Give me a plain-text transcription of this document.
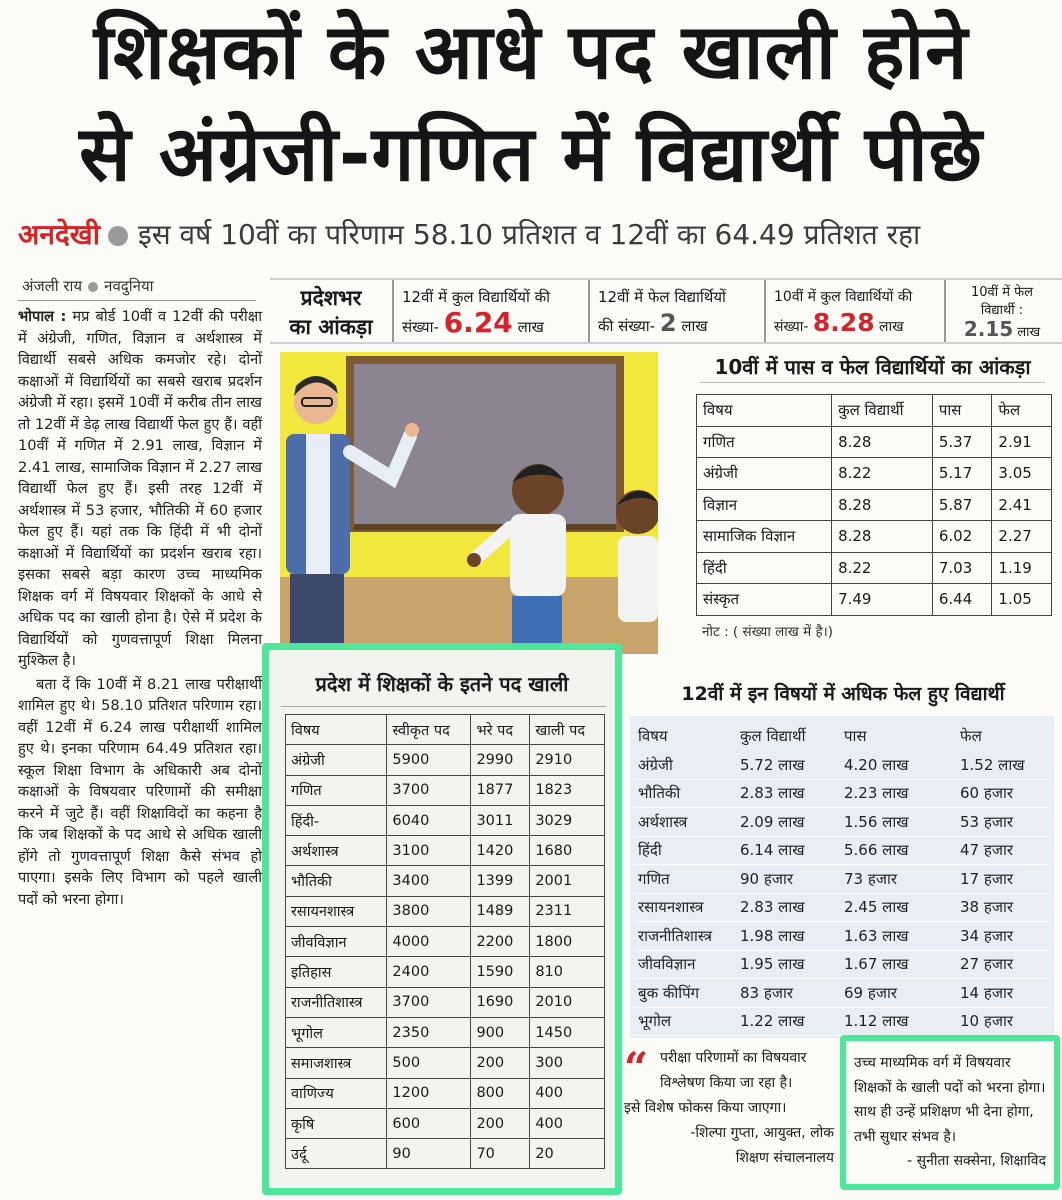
शिक्षकों के आधे पद खाली होने
से अंग्रेजी-गणित में विद्यार्थी पीछे
अनदेखी इस वर्ष 10वीं का परिणाम 58.10 प्रतिशत व 12वीं का 64.49 प्रतिशत रहा
अंजली राय नवदुनिया

भोपाल : मप्र बोर्ड 10वीं व 12वीं की परीक्षा में अंग्रेजी, गणित, विज्ञान व अर्थशास्त्र में विद्यार्थी सबसे अधिक कमजोर रहे। दोनों कक्षाओं में विद्यार्थियों का सबसे खराब प्रदर्शन अंग्रेजी में रहा। इसमें 10वीं में करीब तीन लाख तो 12वीं में डेढ़ लाख विद्यार्थी फेल हुए हैं। वहीं 10वीं में गणित में 2.91 लाख, विज्ञान में 2.41 लाख, सामाजिक विज्ञान में 2.27 लाख विद्यार्थी फेल हुए हैं। इसी तरह 12वीं में अर्थशास्त्र में 53 हजार, भौतिकी में 60 हजार फेल हुए हैं। यहां तक कि हिंदी में भी दोनों कक्षाओं में विद्यार्थियों का प्रदर्शन खराब रहा। इसका सबसे बड़ा कारण उच्च माध्यमिक शिक्षक वर्ग में विषयवार शिक्षकों के आधे से अधिक पद का खाली होना है। ऐसे में प्रदेश के विद्यार्थियों को गुणवत्तापूर्ण शिक्षा मिलना मुश्किल है।

बता दें कि 10वीं में 8.21 लाख परीक्षार्थी शामिल हुए थे। 58.10 प्रतिशत परिणाम रहा। वहीं 12वीं में 6.24 लाख परीक्षार्थी शामिल हुए थे। इनका परिणाम 64.49 प्रतिशत रहा। स्कूल शिक्षा विभाग के अधिकारी अब दोनों कक्षाओं के विषयवार परिणामों की समीक्षा करने में जुटे हैं। वहीं शिक्षाविदों का कहना है कि जब शिक्षकों के पद आधे से अधिक खाली होंगे तो गुणवत्तापूर्ण शिक्षा कैसे संभव हो पाएगा। इसके लिए विभाग को पहले खाली पदों को भरना होगा।

प्रदेशभर
का आंकड़ा
12वीं में कुल विद्यार्थियों की
संख्या- 6.24 लाख
12वीं में फेल विद्यार्थियों
की संख्या- 2 लाख
10वीं में कुल विद्यार्थियों की
संख्या- 8.28 लाख
10वीं में फेल
विद्यार्थी :
2.15 लाख
10वीं में पास व फेल विद्यार्थियों का आंकड़ा
विषय	कुल विद्यार्थी	पास	फेल
गणित	8.28	5.37	2.91
अंग्रेजी	8.22	5.17	3.05
विज्ञान	8.28	5.87	2.41
सामाजिक विज्ञान	8.28	6.02	2.27
हिंदी	8.22	7.03	1.19
संस्कृत	7.49	6.44	1.05
नोट : ( संख्या लाख में है।)
प्रदेश में शिक्षकों के इतने पद खाली
विषय	स्वीकृत पद	भरे पद	खाली पद
अंग्रेजी	5900	2990	2910
गणित	3700	1877	1823
हिंदी-	6040	3011	3029
अर्थशास्त्र	3100	1420	1680
भौतिकी	3400	1399	2001
रसायनशास्त्र	3800	1489	2311
जीवविज्ञान	4000	2200	1800
इतिहास	2400	1590	810
राजनीतिशास्त्र	3700	1690	2010
भूगोल	2350	900	1450
समाजशास्त्र	500	200	300
वाणिज्य	1200	800	400
कृषि	600	200	400
उर्दू	90	70	20
12वीं में इन विषयों में अधिक फेल हुए विद्यार्थी
विषय	कुल विद्यार्थी	पास	फेल
अंग्रेजी	5.72 लाख	4.20 लाख	1.52 लाख
भौतिकी	2.83 लाख	2.23 लाख	60 हजार
अर्थशास्त्र	2.09 लाख	1.56 लाख	53 हजार
हिंदी	6.14 लाख	5.66 लाख	47 हजार
गणित	90 हजार	73 हजार	17 हजार
रसायनशास्त्र	2.83 लाख	2.45 लाख	38 हजार
राजनीतिशास्त्र	1.98 लाख	1.63 लाख	34 हजार
जीवविज्ञान	1.95 लाख	1.67 लाख	27 हजार
बुक कीपिंग	83 हजार	69 हजार	14 हजार
भूगोल	1.22 लाख	1.12 लाख	10 हजार
“ परीक्षा परिणामों का विषयवार विश्लेषण किया जा रहा है।
इसे विशेष फोकस किया जाएगा।
-शिल्पा गुप्ता, आयुक्त, लोक
शिक्षण संचालनालय
उच्च माध्यमिक वर्ग में विषयवार शिक्षकों के खाली पदों को भरना होगा। साथ ही उन्हें प्रशिक्षण भी देना होगा, तभी सुधार संभव है।
- सुनीता सक्सेना, शिक्षाविद
